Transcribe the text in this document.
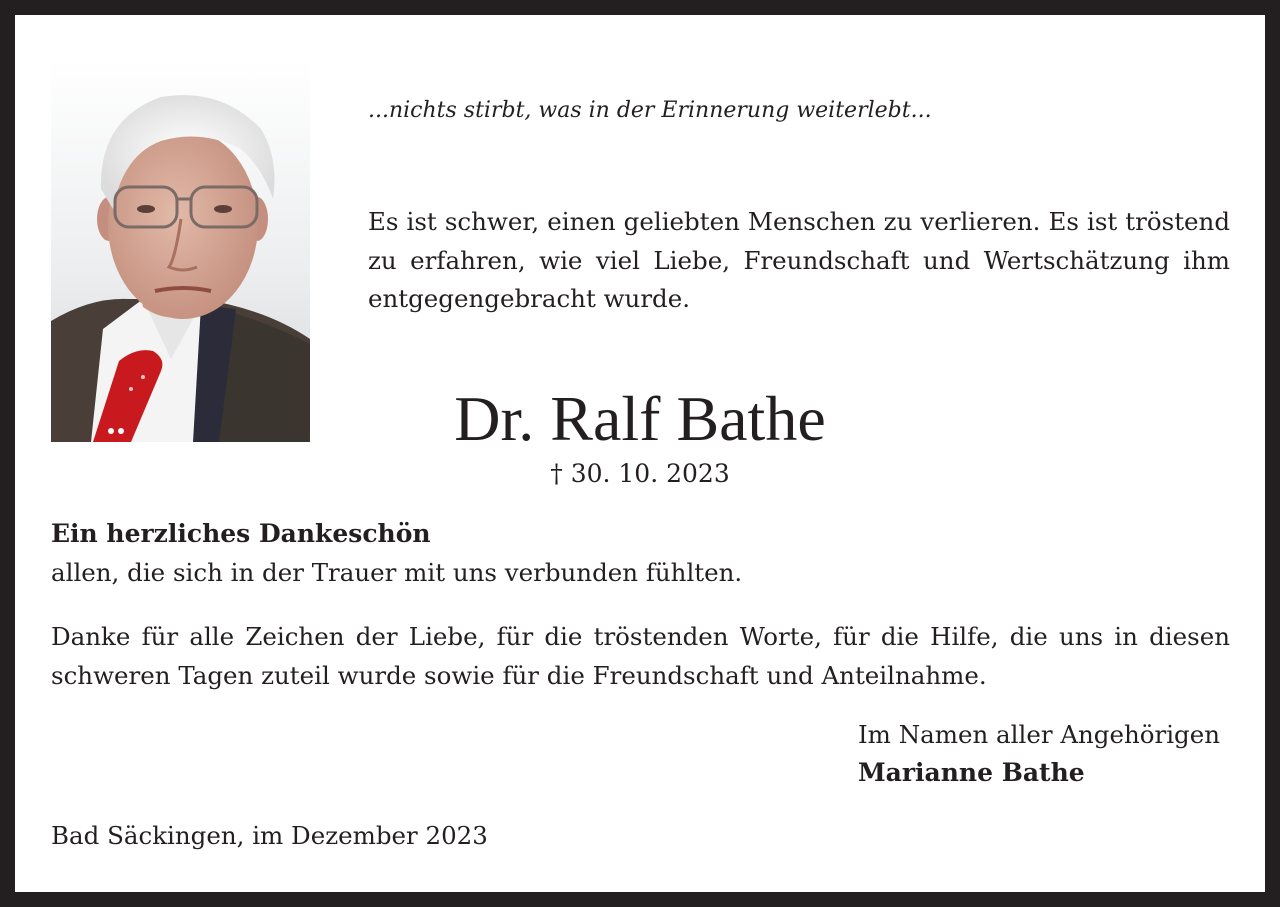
...nichts stirbt, was in der Erinnerung weiterlebt...

Es ist schwer, einen geliebten Menschen zu verlieren. Es ist tröstend zu erfahren, wie viel Liebe, Freundschaft und Wertschätzung ihm entgegengebracht wurde.

Dr. Ralf Bathe

† 30. 10. 2023

Ein herzliches Dankeschön

allen, die sich in der Trauer mit uns verbunden fühlten.

Danke für alle Zeichen der Liebe, für die tröstenden Worte, für die Hilfe, die uns in diesen schweren Tagen zuteil wurde sowie für die Freundschaft und Anteilnahme.

Im Namen aller Angehörigen

Marianne Bathe

Bad Säckingen, im Dezember 2023
